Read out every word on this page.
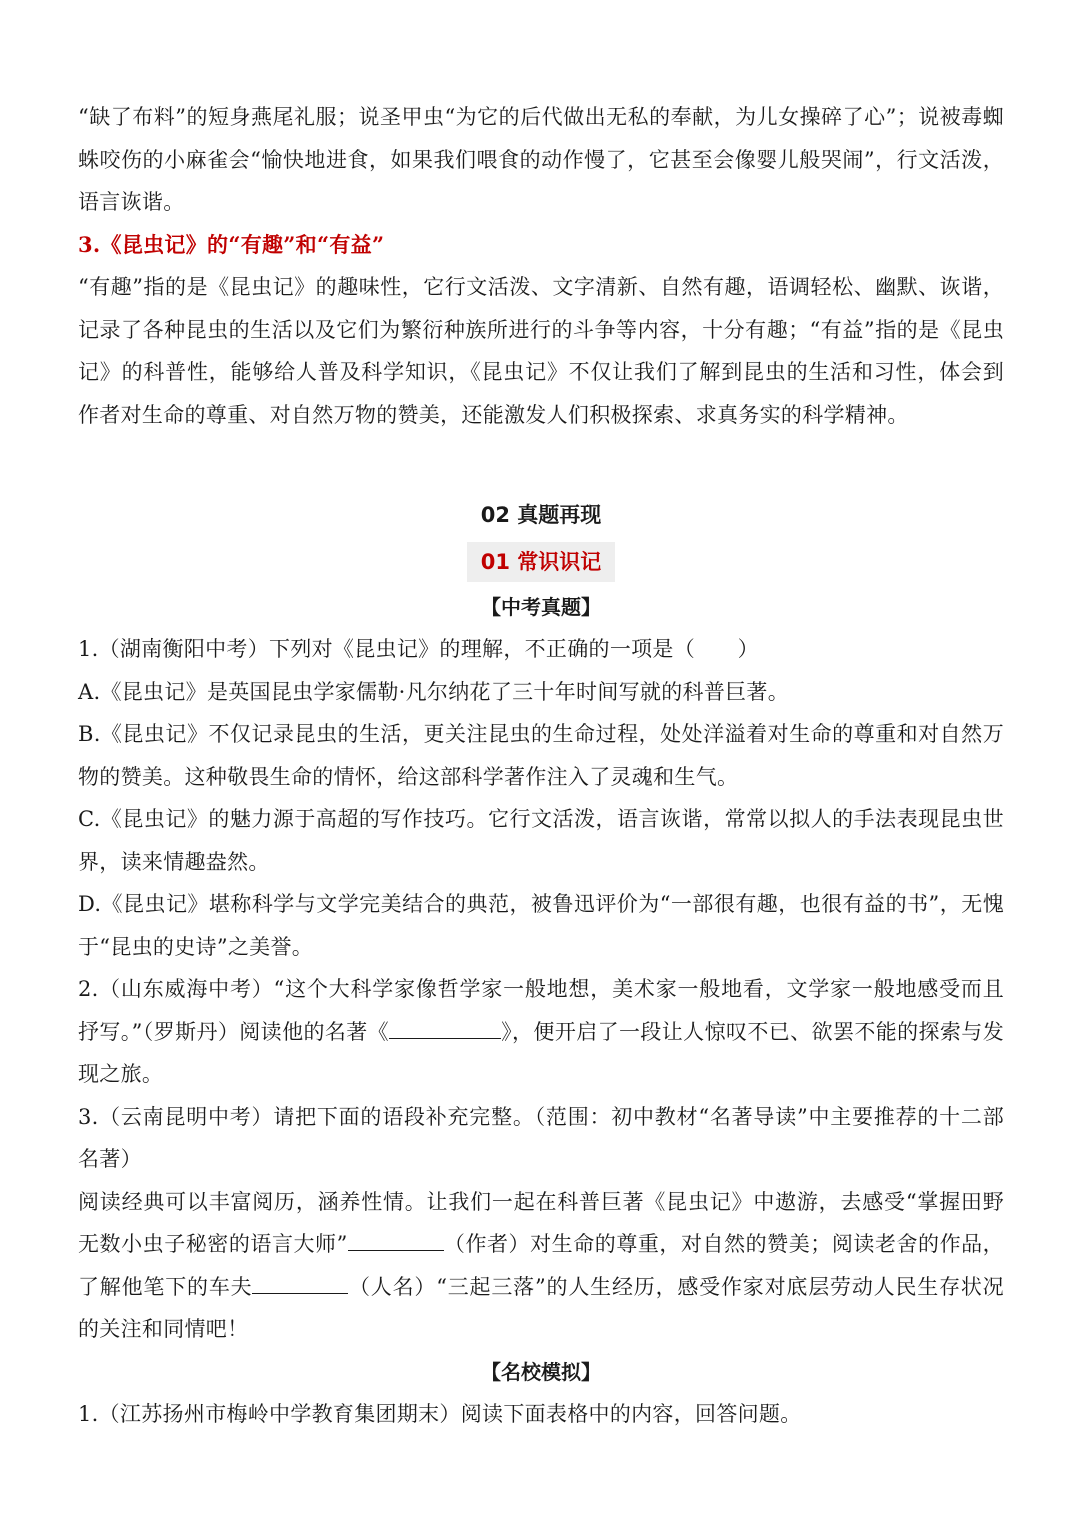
“缺了布料”的短身燕尾礼服；说圣甲虫“为它的后代做出无私的奉献，为儿女操碎了心”；说被毒蜘蛛咬伤的小麻雀会“愉快地进食，如果我们喂食的动作慢了，它甚至会像婴儿般哭闹”，行文活泼，语言诙谐。

3.《昆虫记》的“有趣”和“有益”

“有趣”指的是《昆虫记》的趣味性，它行文活泼、文字清新、自然有趣，语调轻松、幽默、诙谐，记录了各种昆虫的生活以及它们为繁衍种族所进行的斗争等内容，十分有趣；“有益”指的是《昆虫记》的科普性，能够给人普及科学知识，《昆虫记》不仅让我们了解到昆虫的生活和习性，体会到作者对生命的尊重、对自然万物的赞美，还能激发人们积极探索、求真务实的科学精神。

02 真题再现

01 常识识记

【中考真题】

1.（湖南衡阳中考）下列对《昆虫记》的理解，不正确的一项是（　　）

A.《昆虫记》是英国昆虫学家儒勒·凡尔纳花了三十年时间写就的科普巨著。

B.《昆虫记》不仅记录昆虫的生活，更关注昆虫的生命过程，处处洋溢着对生命的尊重和对自然万物的赞美。这种敬畏生命的情怀，给这部科学著作注入了灵魂和生气。

C.《昆虫记》的魅力源于高超的写作技巧。它行文活泼，语言诙谐，常常以拟人的手法表现昆虫世界，读来情趣盎然。

D.《昆虫记》堪称科学与文学完美结合的典范，被鲁迅评价为“一部很有趣，也很有益的书”，无愧于“昆虫的史诗”之美誉。

2.（山东威海中考）“这个大科学家像哲学家一般地想，美术家一般地看，文学家一般地感受而且抒写。”（罗斯丹）阅读他的名著《	》，便开启了一段让人惊叹不已、欲罢不能的探索与发现之旅。

3.（云南昆明中考）请把下面的语段补充完整。（范围：初中教材“名著导读”中主要推荐的十二部名著）

阅读经典可以丰富阅历，涵养性情。让我们一起在科普巨著《昆虫记》中遨游，去感受“掌握田野无数小虫子秘密的语言大师”	（作者）对生命的尊重，对自然的赞美；阅读老舍的作品，了解他笔下的车夫	（人名）“三起三落”的人生经历，感受作家对底层劳动人民生存状况的关注和同情吧！

【名校模拟】

1.（江苏扬州市梅岭中学教育集团期末）阅读下面表格中的内容，回答问题。
